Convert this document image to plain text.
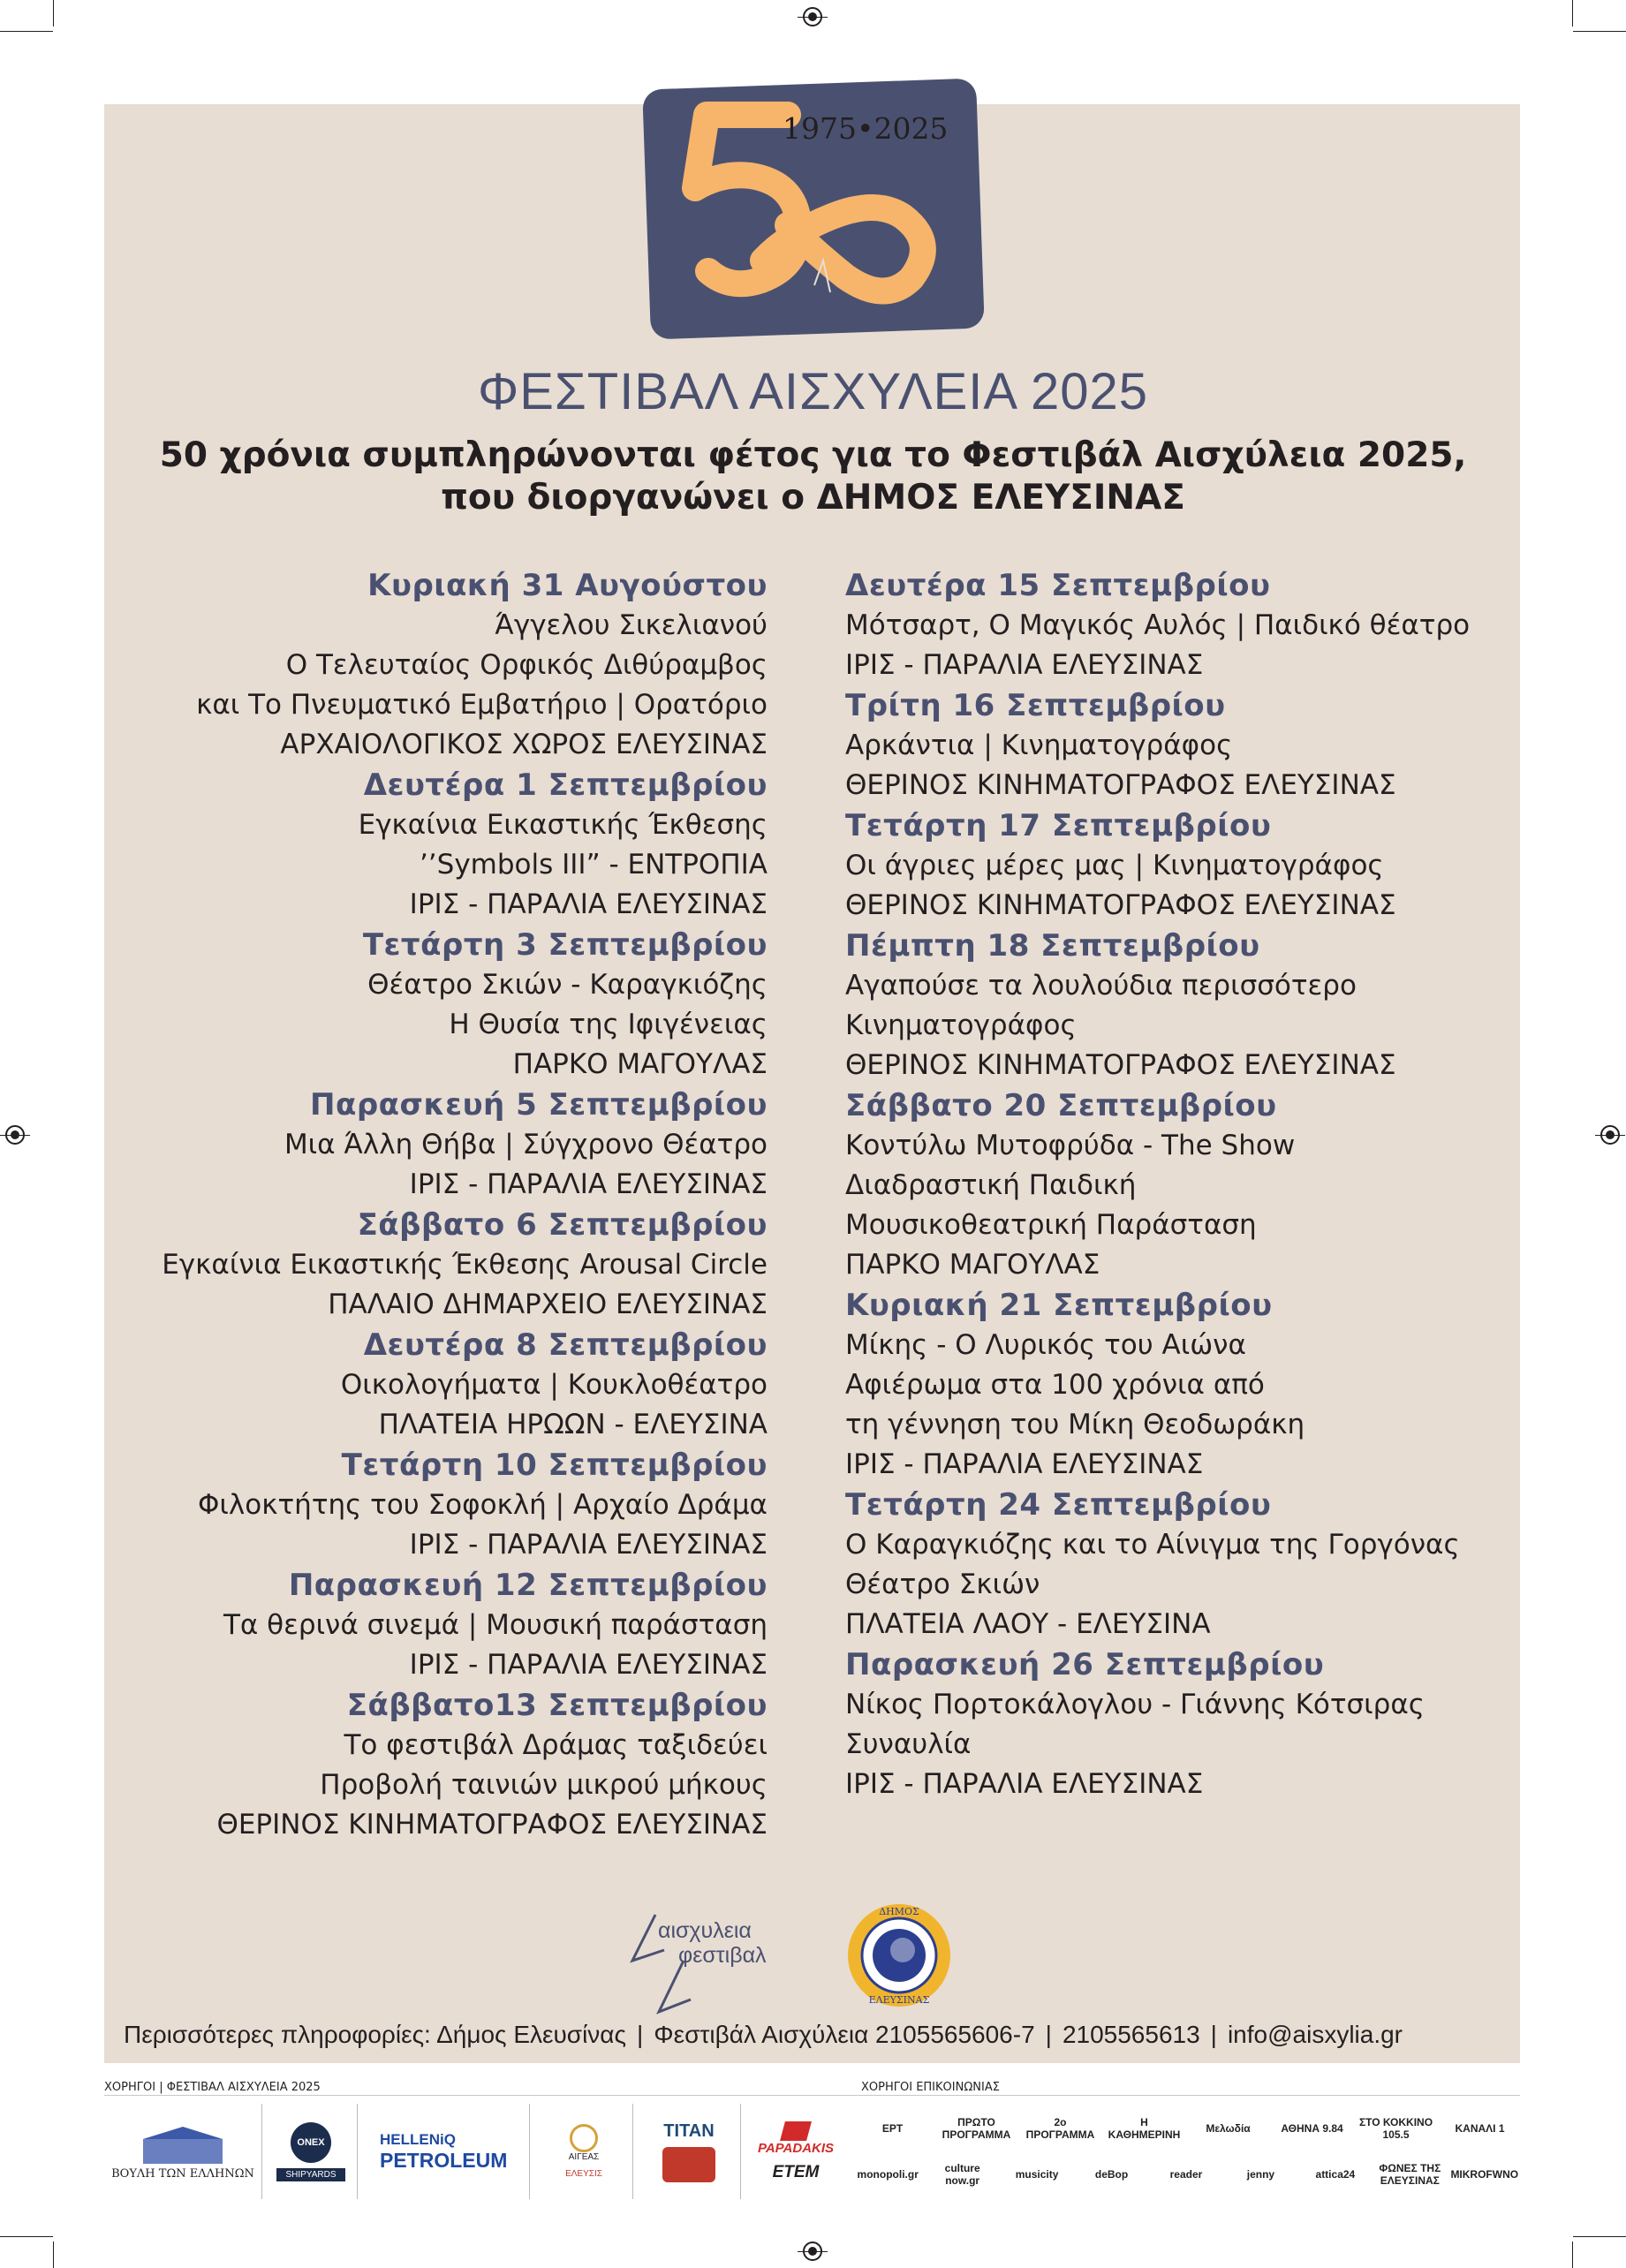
1975•2025
ΦΕΣΤΙΒΑΛ ΑΙΣΧΥΛΕΙΑ 2025
50 χρόνια συμπληρώνονται φέτος για το Φεστιβάλ Αισχύλεια 2025,
που διοργανώνει ο ΔΗΜΟΣ ΕΛΕΥΣΙΝΑΣ
Κυριακή 31 Αυγούστου
Άγγελου Σικελιανού
Ο Τελευταίος Ορφικός Διθύραμβος
και Το Πνευματικό Εμβατήριο | Ορατόριο
ΑΡΧΑΙΟΛΟΓΙΚΟΣ ΧΩΡΟΣ ΕΛΕΥΣΙΝΑΣ
Δευτέρα 1 Σεπτεμβρίου
Εγκαίνια Εικαστικής Έκθεσης
’’Symbols III” - ΕΝΤΡΟΠΙΑ
ΙΡΙΣ - ΠΑΡΑΛΙΑ ΕΛΕΥΣΙΝΑΣ
Τετάρτη 3 Σεπτεμβρίου
Θέατρο Σκιών - Καραγκιόζης
Η Θυσία της Ιφιγένειας
ΠΑΡΚΟ ΜΑΓΟΥΛΑΣ
Παρασκευή 5 Σεπτεμβρίου
Μια Άλλη Θήβα | Σύγχρονο Θέατρο
ΙΡΙΣ - ΠΑΡΑΛΙΑ ΕΛΕΥΣΙΝΑΣ
Σάββατο 6 Σεπτεμβρίου
Εγκαίνια Εικαστικής Έκθεσης Arousal Circle
ΠΑΛΑΙΟ ΔΗΜΑΡΧΕΙΟ ΕΛΕΥΣΙΝΑΣ
Δευτέρα 8 Σεπτεμβρίου
Οικολογήματα | Κουκλοθέατρο
ΠΛΑΤΕΙΑ ΗΡΩΩΝ - ΕΛΕΥΣΙΝΑ
Τετάρτη 10 Σεπτεμβρίου
Φιλοκτήτης του Σοφοκλή | Αρχαίο Δράμα
ΙΡΙΣ - ΠΑΡΑΛΙΑ ΕΛΕΥΣΙΝΑΣ
Παρασκευή 12 Σεπτεμβρίου
Τα θερινά σινεμά | Μουσική παράσταση
ΙΡΙΣ - ΠΑΡΑΛΙΑ ΕΛΕΥΣΙΝΑΣ
Σάββατο13 Σεπτεμβρίου
Το φεστιβάλ Δράμας ταξιδεύει
Προβολή ταινιών μικρού μήκους
ΘΕΡΙΝΟΣ ΚΙΝΗΜΑΤΟΓΡΑΦΟΣ ΕΛΕΥΣΙΝΑΣ
Δευτέρα 15 Σεπτεμβρίου
Μότσαρτ, Ο Μαγικός Αυλός | Παιδικό θέατρο
ΙΡΙΣ - ΠΑΡΑΛΙΑ ΕΛΕΥΣΙΝΑΣ
Τρίτη 16 Σεπτεμβρίου
Αρκάντια | Κινηματογράφος
ΘΕΡΙΝΟΣ ΚΙΝΗΜΑΤΟΓΡΑΦΟΣ ΕΛΕΥΣΙΝΑΣ
Τετάρτη 17 Σεπτεμβρίου
Οι άγριες μέρες μας | Κινηματογράφος
ΘΕΡΙΝΟΣ ΚΙΝΗΜΑΤΟΓΡΑΦΟΣ ΕΛΕΥΣΙΝΑΣ
Πέμπτη 18 Σεπτεμβρίου
Αγαπούσε τα λουλούδια περισσότερο
Κινηματογράφος
ΘΕΡΙΝΟΣ ΚΙΝΗΜΑΤΟΓΡΑΦΟΣ ΕΛΕΥΣΙΝΑΣ
Σάββατο 20 Σεπτεμβρίου
Κοντύλω Μυτοφρύδα - The Show
Διαδραστική Παιδική
Μουσικοθεατρική Παράσταση
ΠΑΡΚΟ ΜΑΓΟΥΛΑΣ
Κυριακή 21 Σεπτεμβρίου
Μίκης - Ο Λυρικός του Αιώνα
Αφιέρωμα στα 100 χρόνια από
τη γέννηση του Μίκη Θεοδωράκη
ΙΡΙΣ - ΠΑΡΑΛΙΑ ΕΛΕΥΣΙΝΑΣ
Τετάρτη 24 Σεπτεμβρίου
Ο Καραγκιόζης και το Αίνιγμα της Γοργόνας
Θέατρο Σκιών
ΠΛΑΤΕΙΑ ΛΑΟΥ - ΕΛΕΥΣΙΝΑ
Παρασκευή 26 Σεπτεμβρίου
Νίκος Πορτοκάλογλου - Γιάννης Κότσιρας
Συναυλία
ΙΡΙΣ - ΠΑΡΑΛΙΑ ΕΛΕΥΣΙΝΑΣ
αισχυλεια
φεστιβαλ
ΔΗΜΟΣ
ΕΛΕΥΣΙΝΑΣ
Περισσότερες πληροφορίες: Δήμος Ελευσίνας | Φεστιβάλ Αισχύλεια 2105565606-7 | 2105565613 | info@aisxylia.gr
ΧΟΡΗΓΟΙ | ΦΕΣΤΙΒΑΛ ΑΙΣΧΥΛΕΙΑ 2025	ΧΟΡΗΓΟΙ ΕΠΙΚΟΙΝΩΝΙΑΣ
ΒΟΥΛΗ ΤΩΝ ΕΛΛΗΝΩΝ
ONEX
SHIPYARDS
HELLENiQ
PETROLEUM	ΑΙΓΕΑΣ
ΕΛΕΥΣΙΣ
TITAN
PAPADAKIS
ETEM
ΕΡΤ	ΠΡΩΤΟ ΠΡΟΓΡΑΜΜΑ
2ο ΠΡΟΓΡΑΜΜΑ
Η ΚΑΘΗΜΕΡΙΝΗ	Μελωδία	ΑΘΗΝΑ 9.84	ΣΤΟ ΚΟΚΚΙΝΟ 105.5	ΚΑΝΑΛΙ 1
monopoli.gr	culture now.gr	musicity	deBop	reader	jenny	attica24	ΦΩΝΕΣ ΤΗΣ ΕΛΕΥΣΙΝΑΣ	MIKROFWNO
